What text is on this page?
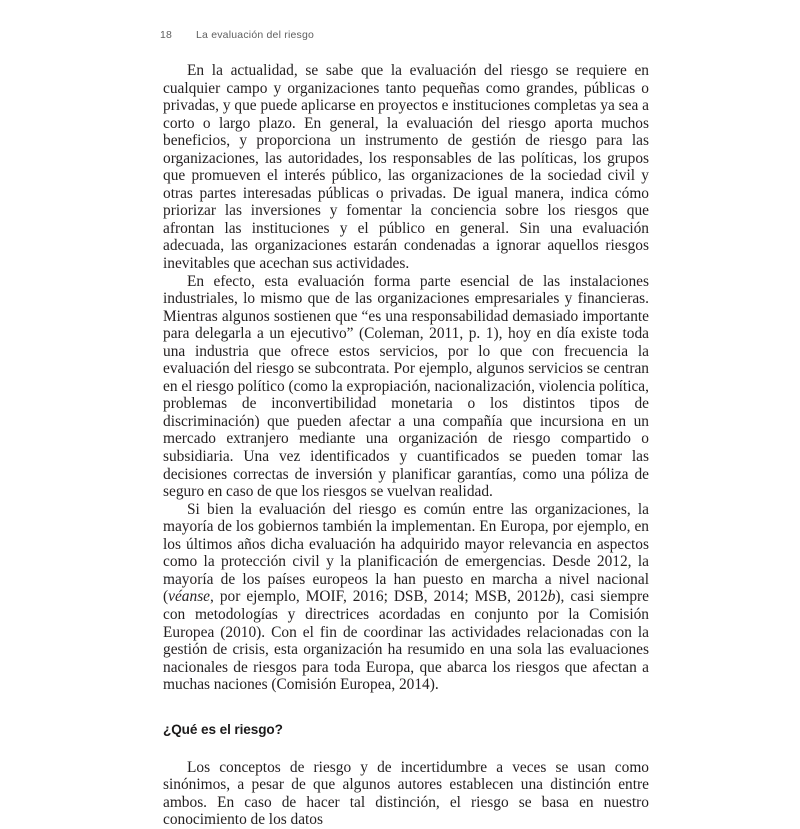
18	La evaluación del riesgo

En la actualidad, se sabe que la evaluación del riesgo se requiere en cualquier campo y organizaciones tanto pequeñas como grandes, públicas o privadas, y que puede aplicarse en proyectos e instituciones completas ya sea a corto o largo plazo. En general, la evaluación del riesgo aporta muchos beneficios, y proporciona un instrumento de gestión de riesgo para las organizaciones, las autoridades, los responsables de las políticas, los grupos que promueven el interés público, las organizaciones de la sociedad civil y otras partes interesadas públicas o privadas. De igual manera, indica cómo priorizar las inversiones y fomentar la conciencia sobre los riesgos que afrontan las instituciones y el público en general. Sin una evaluación adecuada, las organizaciones estarán condenadas a ignorar aquellos riesgos inevitables que acechan sus actividades.

En efecto, esta evaluación forma parte esencial de las instalaciones industriales, lo mismo que de las organizaciones empresariales y financieras. Mientras algunos sostienen que “es una responsabilidad demasiado importante para delegarla a un ejecutivo” (Coleman, 2011, p. 1), hoy en día existe toda una industria que ofrece estos servicios, por lo que con frecuencia la evaluación del riesgo se subcontrata. Por ejemplo, algunos servicios se centran en el riesgo político (como la expropiación, nacionalización, violencia política, problemas de inconvertibilidad monetaria o los distintos tipos de discriminación) que pueden afectar a una compañía que incursiona en un mercado extranjero mediante una organización de riesgo compartido o subsidiaria. Una vez identificados y cuantificados se pueden tomar las decisiones correctas de inversión y planificar garantías, como una póliza de seguro en caso de que los riesgos se vuelvan realidad.

Si bien la evaluación del riesgo es común entre las organizaciones, la mayoría de los gobiernos también la implementan. En Europa, por ejemplo, en los últimos años dicha evaluación ha adquirido mayor relevancia en aspectos como la protección civil y la planificación de emergencias. Desde 2012, la mayoría de los países europeos la han puesto en marcha a nivel nacional (véanse, por ejemplo, MOIF, 2016; DSB, 2014; MSB, 2012b), casi siempre con metodologías y directrices acordadas en conjunto por la Comisión Europea (2010). Con el fin de coordinar las actividades relacionadas con la gestión de crisis, esta organización ha resumido en una sola las evaluaciones nacionales de riesgos para toda Europa, que abarca los riesgos que afectan a muchas naciones (Comisión Europea, 2014).

¿Qué es el riesgo?

Los conceptos de riesgo y de incertidumbre a veces se usan como sinónimos, a pesar de que algunos autores establecen una distinción entre ambos. En caso de hacer tal distinción, el riesgo se basa en nuestro conocimiento de los datos
